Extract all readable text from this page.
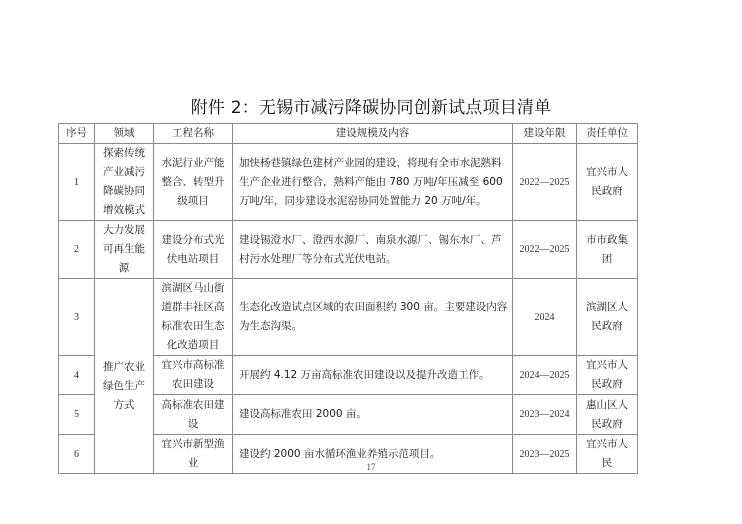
附件 2：无锡市减污降碳协同创新试点项目清单
序号	领域	工程名称	建设规模及内容	建设年限	责任单位
1	探索传统产业减污降碳协同增效模式	水泥行业产能整合、转型升级项目	加快杨巷镇绿色建材产业园的建设，将现有全市水泥熟料生产企业进行整合，熟料产能由 780 万吨/年压减至 600 万吨/年，同步建设水泥窑协同处置能力 20 万吨/年。	2022—2025	宜兴市人民政府
2	大力发展可再生能源	建设分布式光伏电站项目	建设锡澄水厂、澄西水源厂、南泉水源厂、锡东水厂、芦村污水处理厂等分布式光伏电站。	2022—2025	市市政集团
3	推广农业绿色生产方式	滨湖区马山街道群丰社区高标准农田生态化改造项目	生态化改造试点区域的农田面积约 300 亩。主要建设内容为生态沟渠。	2024	滨湖区人民政府
4		宜兴市高标准农田建设	开展约 4.12 万亩高标准农田建设以及提升改造工作。	2024—2025	宜兴市人民政府
5		高标准农田建设	建设高标准农田 2000 亩。	2023—2024	惠山区人民政府
6		宜兴市新型渔业	建设约 2000 亩水循环渔业养殖示范项目。	2023—2025	宜兴市人民
17
